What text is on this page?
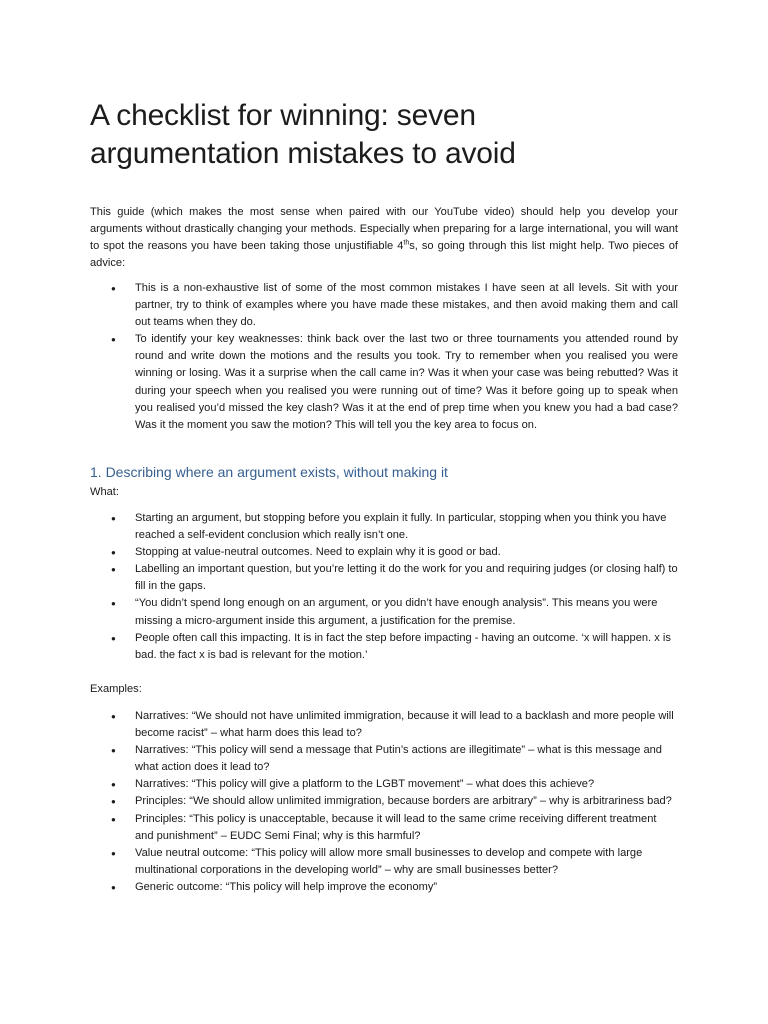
A checklist for winning: seven
argumentation mistakes to avoid

This guide (which makes the most sense when paired with our YouTube video) should help you develop your arguments without drastically changing your methods. Especially when preparing for a large international, you will want to spot the reasons you have been taking those unjustifiable 4ths, so going through this list might help. Two pieces of advice:

● This is a non-exhaustive list of some of the most common mistakes I have seen at all levels. Sit with your partner, try to think of examples where you have made these mistakes, and then avoid making them and call out teams when they do.
● To identify your key weaknesses: think back over the last two or three tournaments you attended round by round and write down the motions and the results you took. Try to remember when you realised you were winning or losing. Was it a surprise when the call came in? Was it when your case was being rebutted? Was it during your speech when you realised you were running out of time? Was it before going up to speak when you realised you’d missed the key clash? Was it at the end of prep time when you knew you had a bad case? Was it the moment you saw the motion? This will tell you the key area to focus on.
1. Describing where an argument exists, without making it

What:

● Starting an argument, but stopping before you explain it fully. In particular, stopping when you think you have reached a self-evident conclusion which really isn’t one.
● Stopping at value-neutral outcomes. Need to explain why it is good or bad.
● Labelling an important question, but you’re letting it do the work for you and requiring judges (or closing half) to fill in the gaps.
● “You didn’t spend long enough on an argument, or you didn’t have enough analysis”. This means you were missing a micro-argument inside this argument, a justification for the premise.
● People often call this impacting. It is in fact the step before impacting - having an outcome. ‘x will happen. x is bad. the fact x is bad is relevant for the motion.’

Examples:

● Narratives: “We should not have unlimited immigration, because it will lead to a backlash and more people will become racist” – what harm does this lead to?
● Narratives: “This policy will send a message that Putin’s actions are illegitimate” – what is this message and what action does it lead to?
● Narratives: “This policy will give a platform to the LGBT movement” – what does this achieve?
● Principles: “We should allow unlimited immigration, because borders are arbitrary” – why is arbitrariness bad?
● Principles: “This policy is unacceptable, because it will lead to the same crime receiving different treatment and punishment” – EUDC Semi Final; why is this harmful?
● Value neutral outcome: “This policy will allow more small businesses to develop and compete with large multinational corporations in the developing world” – why are small businesses better?
● Generic outcome: “This policy will help improve the economy”
